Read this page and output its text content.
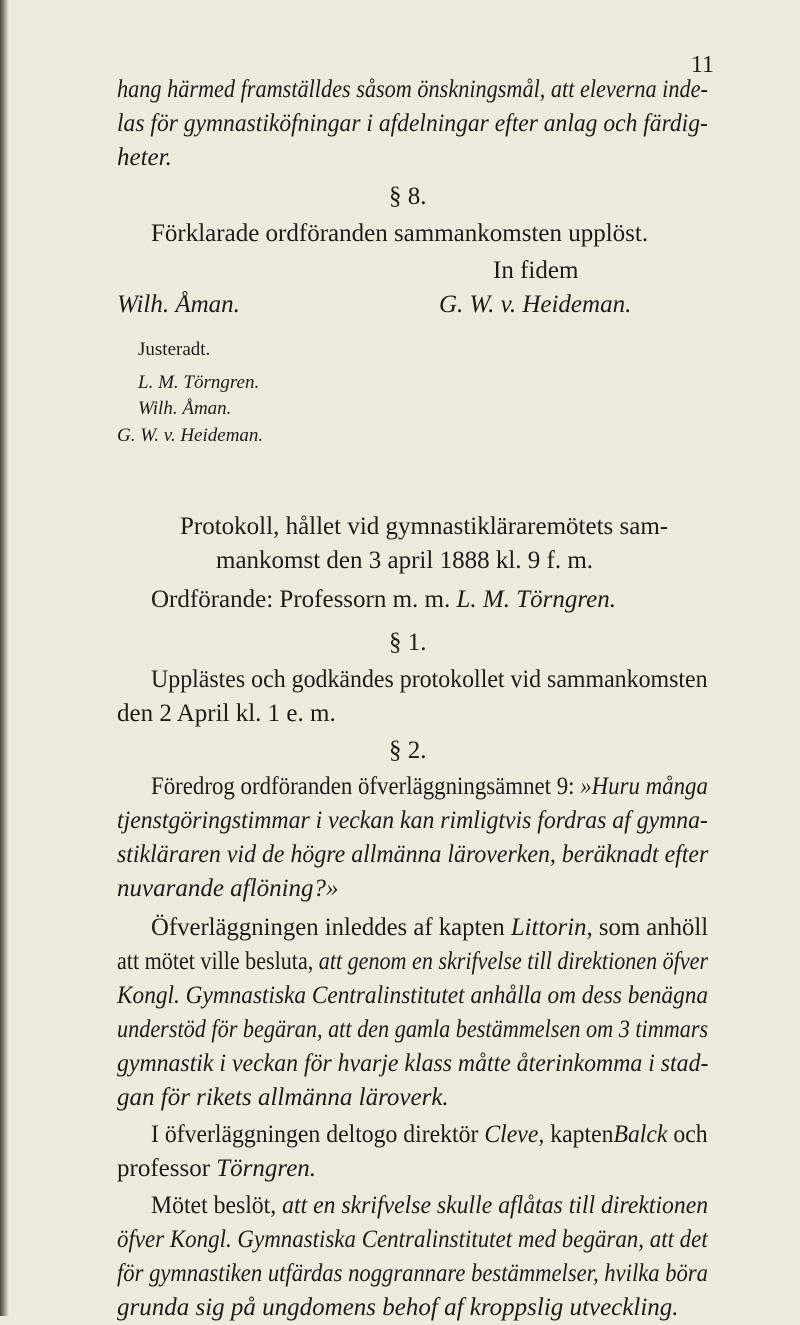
11
hang härmed framställdes såsom önskningsmål, att eleverna inde-
las för gymnastiköfningar i afdelningar efter anlag och färdig-
heter.
§ 8.
Förklarade ordföranden sammankomsten upplöst.
In fidem
Wilh. Åman.	G. W. v. Heideman.
Justeradt.
L. M. Törngren.
Wilh. Åman.
G. W. v. Heideman.
Protokoll, hållet vid gymnastiklärаremötets sam-
mankomst den 3 april 1888 kl. 9 f. m.
Ordförande: Professorn m. m. L. M. Törngren.
§ 1.
Upplästes och godkändes protokollet vid sammankomsten
den 2 April kl. 1 e. m.
§ 2.
Föredrog ordföranden öfverläggningsämnet 9: »Huru många
tjenstgöringstimmar i veckan kan rimligtvis fordras af gymna-
stikläraren vid de högre allmänna läroverken, beräknadt efter
nuvarande aflöning?»
Öfverläggningen inleddes af kapten Littorin, som anhöll
att mötet ville besluta, att genom en skrifvelse till direktionen öfver
Kongl. Gymnastiska Centralinstitutet anhålla om dess benägna
understöd för begäran, att den gamla bestämmelsen om 3 timmars
gymnastik i veckan för hvarje klass måtte återinkomma i stad-
gan för rikets allmänna läroverk.
I öfverläggningen deltogo direktör Cleve, kaptenBalck och
professor Törngren.
Mötet beslöt, att en skrifvelse skulle aflåtas till direktionen
öfver Kongl. Gymnastiska Centralinstitutet med begäran, att det
för gymnastiken utfärdas noggrannare bestämmelser, hvilka böra
grunda sig på ungdomens behof af kroppslig utveckling.
